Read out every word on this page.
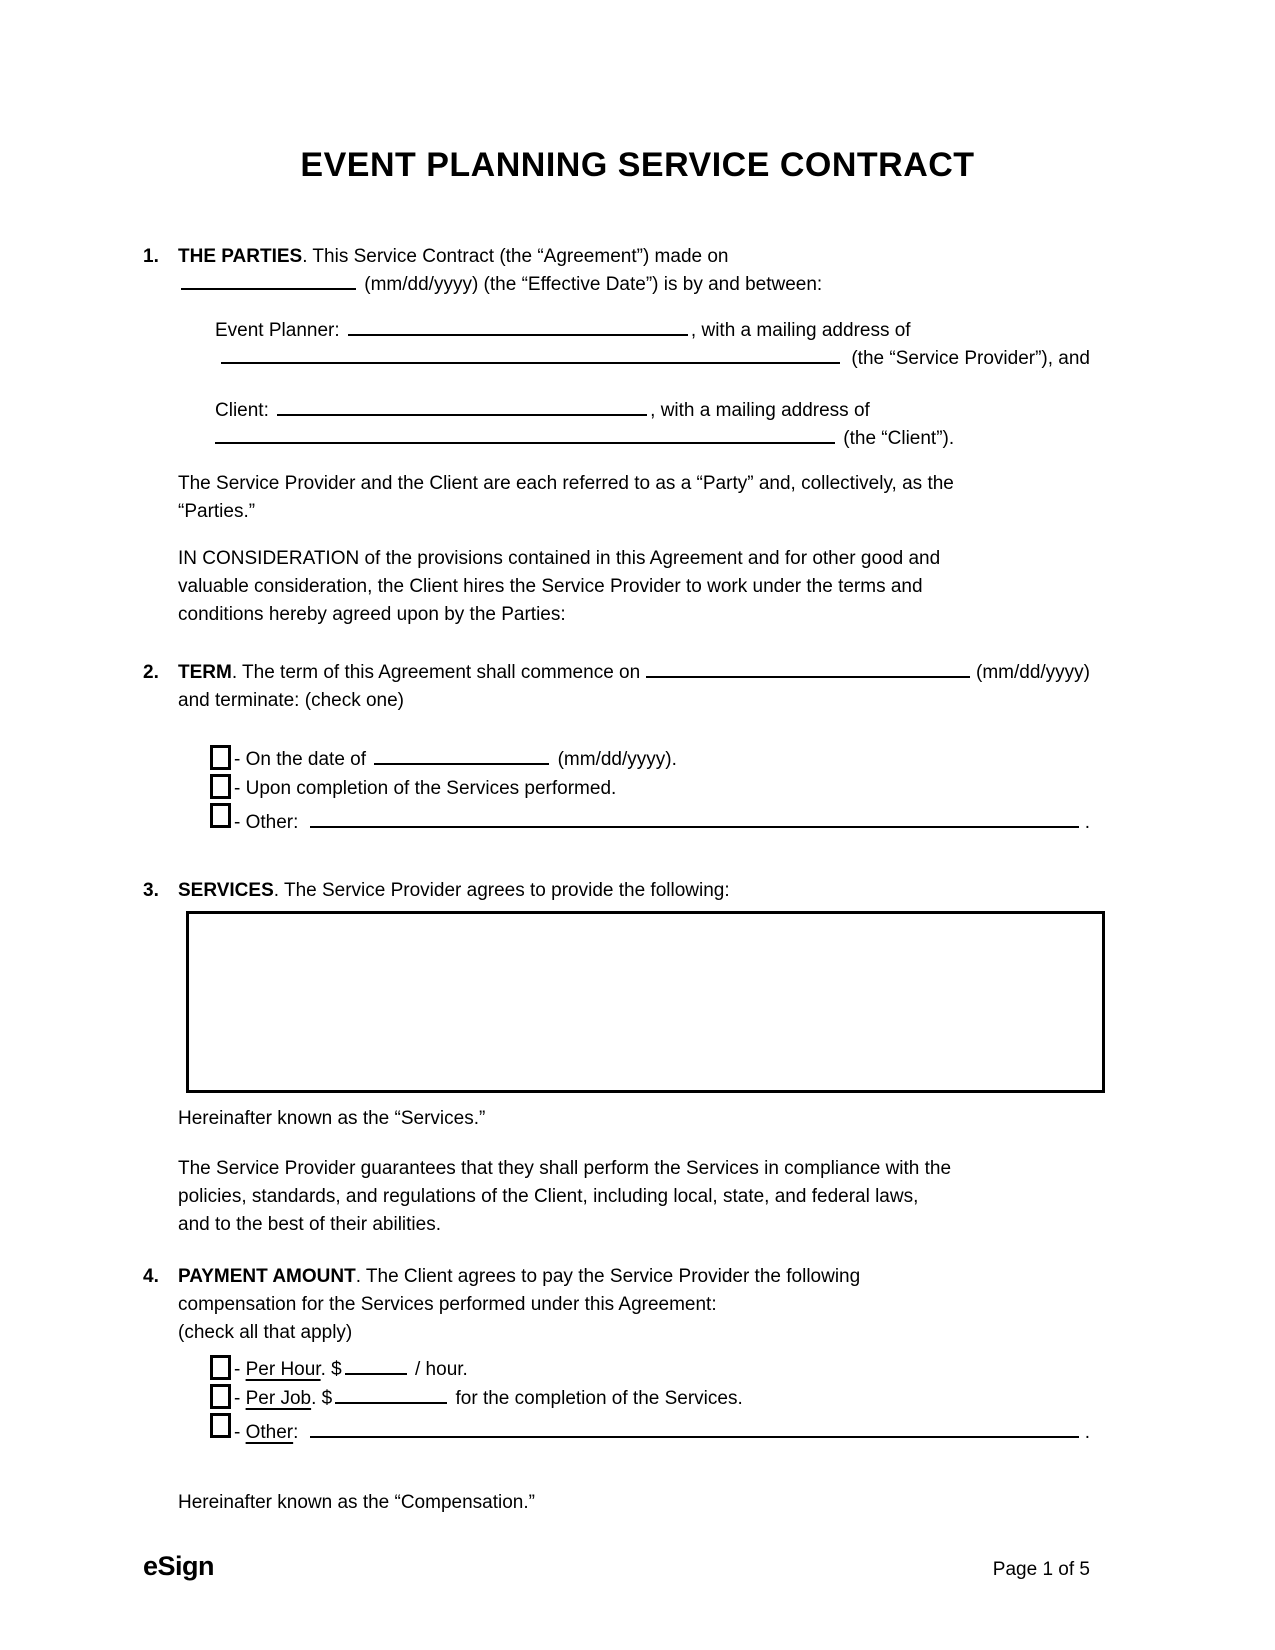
EVENT PLANNING SERVICE CONTRACT
1.	THE PARTIES. This Service Contract (the “Agreement”) made on
(mm/dd/yyyy) (the “Effective Date”) is by and between:
Event Planner:	, with a mailing address of
(the “Service Provider”), and
Client:	, with a mailing address of
(the “Client”).
The Service Provider and the Client are each referred to as a “Party” and, collectively, as the
“Parties.”
IN CONSIDERATION of the provisions contained in this Agreement and for other good and
valuable consideration, the Client hires the Service Provider to work under the terms and
conditions hereby agreed upon by the Parties:
2.	TERM . The term of this Agreement shall commence on	(mm/dd/yyyy)
and terminate: (check one)
- On the date of	(mm/dd/yyyy).
- Upon completion of the Services performed.
- Other:	.
3.	SERVICES. The Service Provider agrees to provide the following:
Hereinafter known as the “Services.”
The Service Provider guarantees that they shall perform the Services in compliance with the
policies, standards, and regulations of the Client, including local, state, and federal laws,
and to the best of their abilities.
4.	PAYMENT AMOUNT. The Client agrees to pay the Service Provider the following
compensation for the Services performed under this Agreement:
(check all that apply)
- Per Hour. $	/ hour.
- Per Job. $	for the completion of the Services.
- Other :	.
Hereinafter known as the “Compensation.”
eSign	Page 1 of 5
